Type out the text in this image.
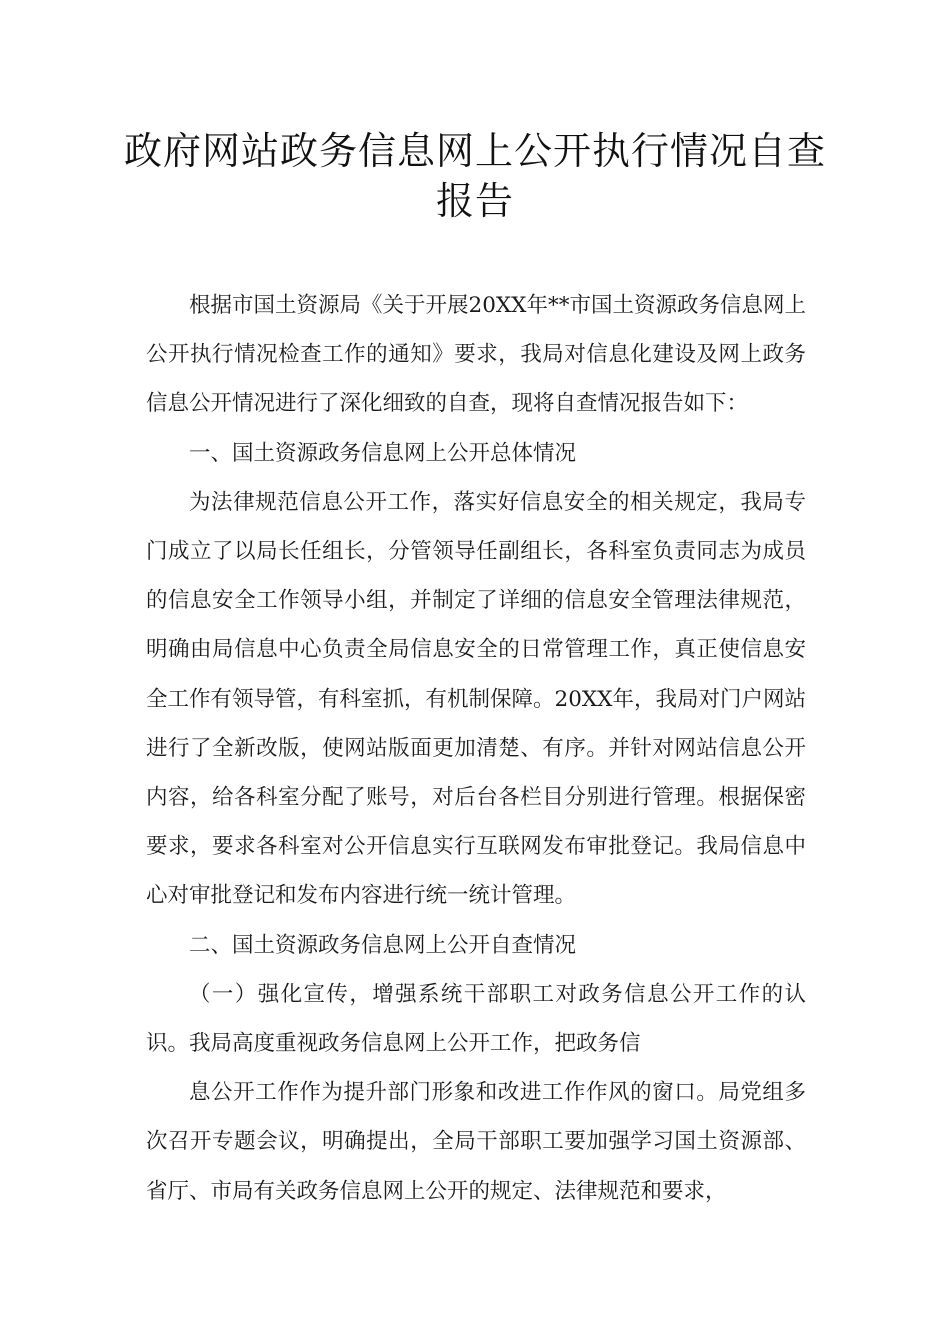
政府网站政务信息网上公开执行情况自查报告

根据市国土资源局《关于开展20XX年**市国土资源政务信息网上公开执行情况检查工作的通知》要求，我局对信息化建设及网上政务信息公开情况进行了深化细致的自查，现将自查情况报告如下：

一、国土资源政务信息网上公开总体情况

为法律规范信息公开工作，落实好信息安全的相关规定，我局专门成立了以局长任组长，分管领导任副组长，各科室负责同志为成员的信息安全工作领导小组，并制定了详细的信息安全管理法律规范，明确由局信息中心负责全局信息安全的日常管理工作，真正使信息安全工作有领导管，有科室抓，有机制保障。20XX年，我局对门户网站进行了全新改版，使网站版面更加清楚、有序。并针对网站信息公开内容，给各科室分配了账号，对后台各栏目分别进行管理。根据保密要求，要求各科室对公开信息实行互联网发布审批登记。我局信息中心对审批登记和发布内容进行统一统计管理。

二、国土资源政务信息网上公开自查情况

（一）强化宣传，增强系统干部职工对政务信息公开工作的认识。我局高度重视政务信息网上公开工作，把政务信

息公开工作作为提升部门形象和改进工作作风的窗口。局党组多次召开专题会议，明确提出，全局干部职工要加强学习国土资源部、省厅、市局有关政务信息网上公开的规定、法律规范和要求，
